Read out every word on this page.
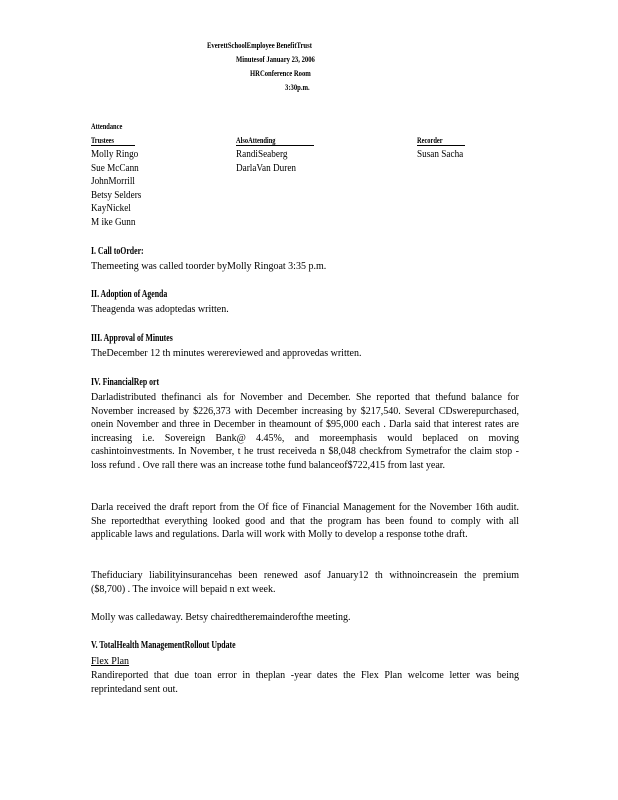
EverettSchoolEmployee BenefitTrust
Minutesof January 23, 2006
HRConference Room
3:30p.m.
Attendance
Trustees	AlsoAttending	Recorder
Molly Ringo
Sue McCann
JohnMorrill
Betsy Selders
KayNickel
M ike Gunn
RandiSeaberg
DarlaVan Duren
Susan Sacha
I. Call toOrder:
Themeeting was called toorder byMolly Ringoat 3:35 p.m.
II. Adoption of Agenda
Theagenda was adoptedas written.
III. Approval of Minutes
TheDecember 12 th minutes werereviewed and approvedas written.
IV. FinancialRep ort
Darladistributed thefinanci als for November and December. She reported that thefund balance for November increased by $226,373 with December increasing by $217,540. Several CDswerepurchased, onein November and three in December in theamount of $95,000 each . Darla said that interest rates are increasing i.e. Sovereign Bank@ 4.45%, and moreemphasis would beplaced on moving cashintoinvestments. In November, t he trust receiveda n $8,048 checkfrom Symetrafor the claim stop -loss refund . Ove rall there was an increase tothe fund balanceof$722,415 from last year.
Darla received the draft report from the Of fice of Financial Management for the November 16th audit. She reportedthat everything looked good and that the program has been found to comply with all applicable laws and regulations. Darla will work with Molly to develop a response tothe draft.
Thefiduciary liabilityinsurancehas been renewed asof January12 th withnoincreasein the premium ($8,700) . The invoice will bepaid n ext week.
Molly was calledaway. Betsy chairedtheremainderofthe meeting.
V. TotalHealth ManagementRollout Update
Flex Plan
Randireported that due toan error in theplan -year dates the Flex Plan welcome letter was being reprintedand sent out.
